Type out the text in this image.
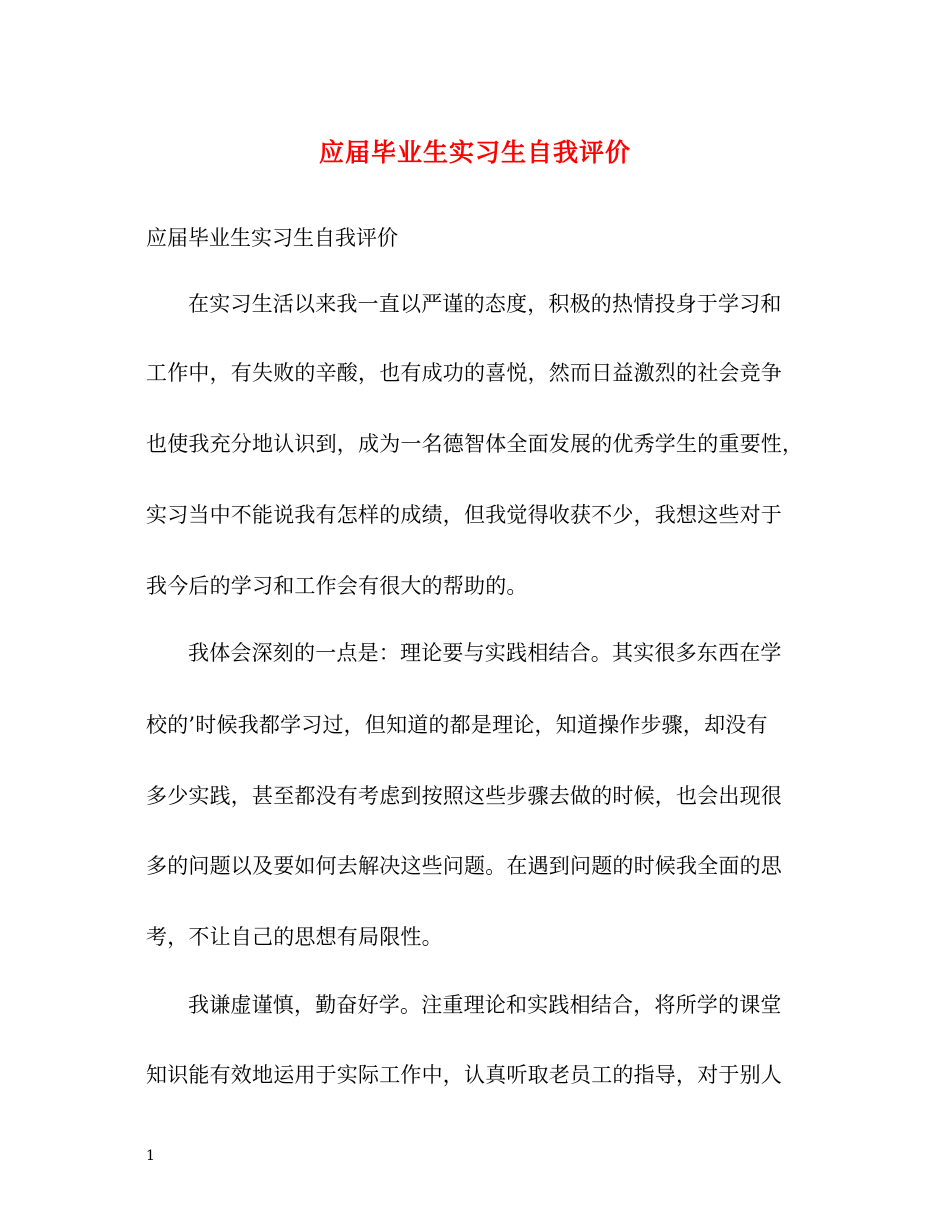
应届毕业生实习生自我评价
应届毕业生实习生自我评价
在实习生活以来我一直以严谨的态度，积极的热情投身于学习和
工作中，有失败的辛酸，也有成功的喜悦，然而日益激烈的社会竞争
也使我充分地认识到，成为一名德智体全面发展的优秀学生的重要性，
实习当中不能说我有怎样的成绩，但我觉得收获不少，我想这些对于
我今后的学习和工作会有很大的帮助的。
我体会深刻的一点是：理论要与实践相结合。其实很多东西在学
校的’时候我都学习过，但知道的都是理论，知道操作步骤，却没有
多少实践，甚至都没有考虑到按照这些步骤去做的时候，也会出现很
多的问题以及要如何去解决这些问题。在遇到问题的时候我全面的思
考，不让自己的思想有局限性。
我谦虚谨慎，勤奋好学。注重理论和实践相结合，将所学的课堂
知识能有效地运用于实际工作中，认真听取老员工的指导，对于别人
1
